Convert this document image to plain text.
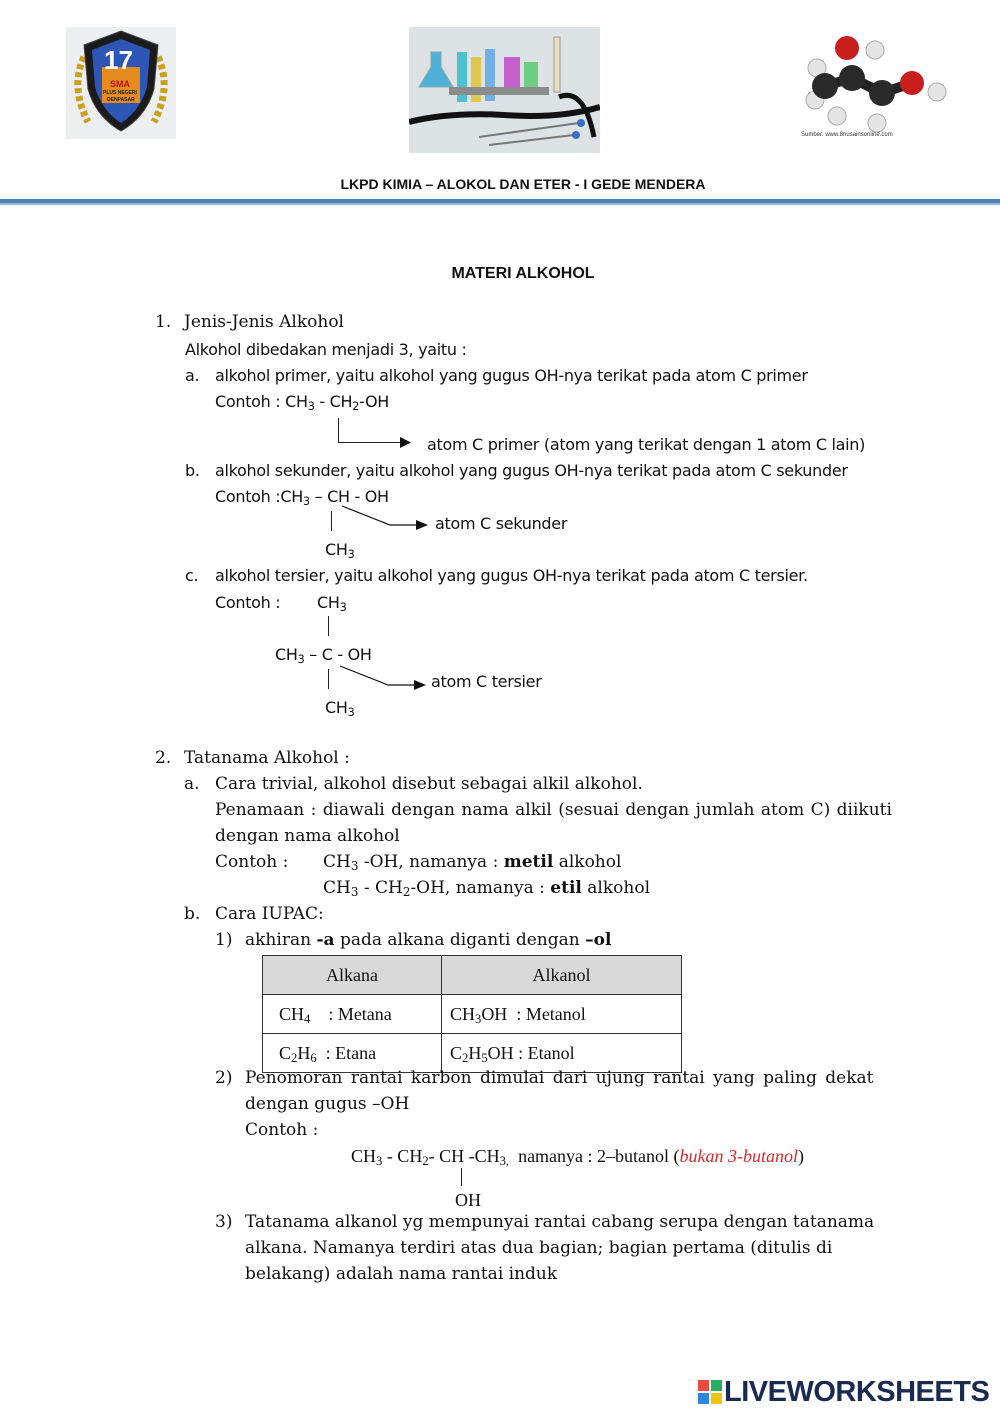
17
SMA
PLUS NEGERI
DENPASAR
Sumber: www.8nusainsonline.com
LKPD KIMIA – ALOKOL DAN ETER - I GEDE MENDERA
MATERI ALKOHOL
1. Jenis-Jenis Alkohol
Alkohol dibedakan menjadi 3, yaitu :
a. alkohol primer, yaitu alkohol yang gugus OH-nya terikat pada atom C primer
Contoh : $CH_3 - CH_2-OH$
atom C primer (atom yang terikat dengan 1 atom C lain)
b. alkohol sekunder, yaitu alkohol yang gugus OH-nya terikat pada atom C sekunder
Contoh $:CH_3$ – CH - OH
atom C sekunder
$CH_3$
c. alkohol tersier, yaitu alkohol yang gugus OH-nya terikat pada atom C tersier.
Contoh : $CH_3$
$CH_3$ – C - OH
atom C tersier
$CH_3$
2. Tatanama Alkohol :
a. Cara trivial, alkohol disebut sebagai alkil alkohol.
Penamaan : diawali dengan nama alkil (sesuai dengan jumlah atom C) diikuti
dengan nama alkohol
Contoh : $CH_3$ -OH, namanya : metil alkohol
$CH_3 - CH_2-OH$, namanya : etil alkohol
b. Cara IUPAC:
1) akhiran -a pada alkana diganti dengan –ol
Alkana	Alkanol
$CH_4$ : Metana	$CH_3OH$  : Metanol
$C_2H_6$ : Etana	$C_2H_5OH$ : Etanol
2) Penomoran rantai karbon dimulai dari ujung rantai yang paling dekat
dengan gugus –OH
Contoh :
$CH_3 - CH_2-$ CH $-CH_{3,}$ namanya : 2–butanol (bukan 3-butanol)
OH
3) Tatanama alkanol yg mempunyai rantai cabang serupa dengan tatanama
alkana. Namanya terdiri atas dua bagian; bagian pertama (ditulis di
belakang) adalah nama rantai induk
LIVEWORKSHEETS
